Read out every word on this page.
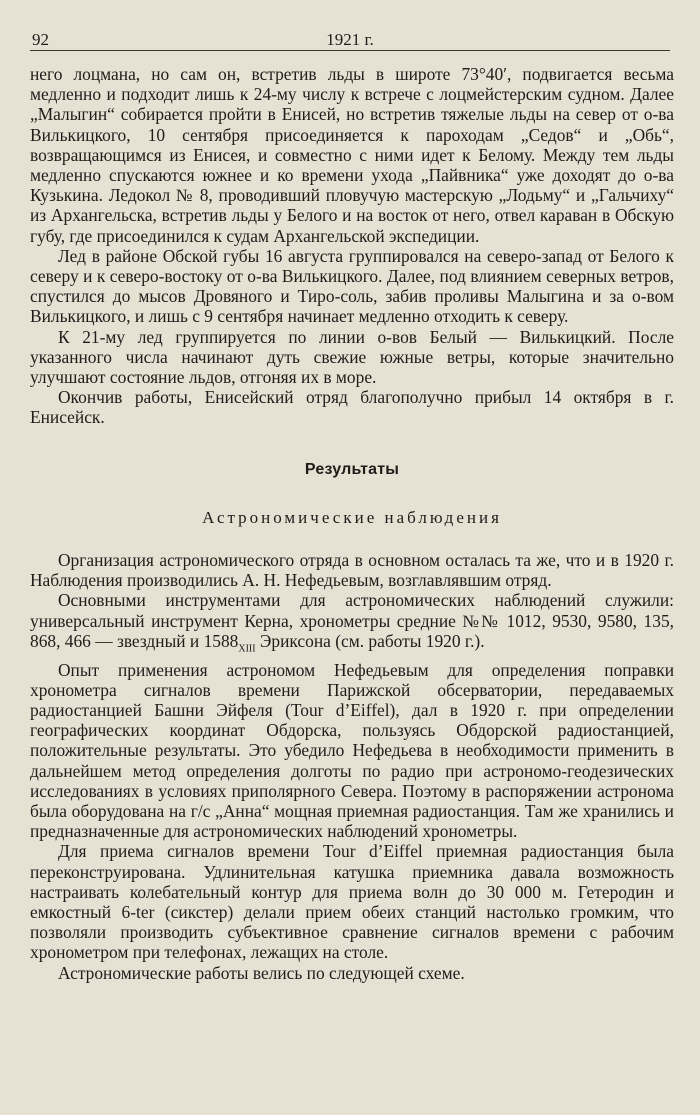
92	1921 г.

него лоцмана, но сам он, встретив льды в широте 73°40′, подвигается весьма медленно и подходит лишь к 24-му числу к встрече с лоцмейстерским судном. Далее „Малыгин“ собирается пройти в Енисей, но встретив тяжелые льды на север от о-ва Вилькицкого, 10 сентября присоединяется к пароходам „Седов“ и „Обь“, возвращающимся из Енисея, и совместно с ними идет к Белому. Между тем льды медленно спускаются южнее и ко времени ухода „Пайвника“ уже доходят до о-ва Кузькина. Ледокол № 8, проводивший пловучую мастерскую „Лодьму“ и „Гальчиху“ из Архангельска, встретив льды у Белого и на восток от него, отвел караван в Обскую губу, где присоединился к судам Архангельской экспедиции.

Лед в районе Обской губы 16 августа группировался на северо-запад от Белого к северу и к северо-востоку от о-ва Вилькицкого. Далее, под влиянием северных ветров, спустился до мысов Дровяного и Тиро-соль, забив проливы Малыгина и за о-вом Вилькицкого, и лишь с 9 сентября начинает медленно отходить к северу.

К 21-му лед группируется по линии о-вов Белый — Вилькицкий. После указанного числа начинают дуть свежие южные ветры, которые значительно улучшают состояние льдов, отгоняя их в море.

Окончив работы, Енисейский отряд благополучно прибыл 14 октября в г. Енисейск.

Результаты
Астрономические наблюдения

Организация астрономического отряда в основном осталась та же, что и в 1920 г. Наблюдения производились А. Н. Нефедьевым, возглавлявшим отряд.

Основными инструментами для астрономических наблюдений служили: универсальный инструмент Керна, хронометры средние №№ 1012, 9530, 9580, 135, 868, 466 — звездный и $1588_{XIII}$ Эриксона (см. работы 1920 г.).

Опыт применения астрономом Нефедьевым для определения поправки хронометра сигналов времени Парижской обсерватории, передаваемых радиостанцией Башни Эйфеля (Tour d’Eiffel), дал в 1920 г. при определении географических координат Обдорска, пользуясь Обдорской радиостанцией, положительные результаты. Это убедило Нефедьева в необходимости применить в дальнейшем метод определения долготы по радио при астрономо-геодезических исследованиях в условиях приполярного Севера. Поэтому в распоряжении астронома была оборудована на г/с „Анна“ мощная приемная радиостанция. Там же хранились и предназначенные для астрономических наблюдений хронометры.

Для приема сигналов времени Tour d’Eiffel приемная радиостанция была переконструирована. Удлинительная катушка приемника давала возможность настраивать колебательный контур для приема волн до 30 000 м. Гетеродин и емкостный 6-ter (сикстер) делали прием обеих станций настолько громким, что позволяли производить субъективное сравнение сигналов времени с рабочим хронометром при телефонах, лежащих на столе.

Астрономические работы велись по следующей схеме.
